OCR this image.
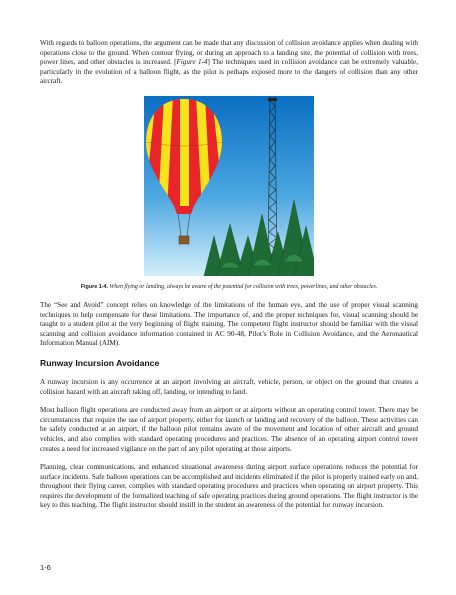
With regards to balloon operations, the argument can be made that any discussion of collision avoidance applies when dealing with operations close to the ground. When contour flying, or during an approach to a landing site, the potential of collision with trees, power lines, and other obstacles is increased. [Figure 1-4] The techniques used in collision avoidance can be extremely valuable, particularly in the evolution of a balloon flight, as the pilot is perhaps exposed more to the dangers of collision than any other aircraft.

Figure 1-4. When flying or landing, always be aware of the potential for collision with trees, powerlines, and other obstacles.

The “See and Avoid” concept relies on knowledge of the limitations of the human eye, and the use of proper visual scanning techniques to help compensate for these limitations. The importance of, and the proper techniques for, visual scanning should be taught to a student pilot at the very beginning of flight training. The competent flight instructor should be familiar with the visual scanning and collision avoidance information contained in AC 90-48, Pilot’s Role in Collision Avoidance, and the Aeronautical Information Manual (AIM).

Runway Incursion Avoidance

A runway incursion is any occurrence at an airport involving an aircraft, vehicle, person, or object on the ground that creates a collision hazard with an aircraft taking off, landing, or intending to land.

Most balloon flight operations are conducted away from an airport or at airports without an operating control tower. There may be circumstances that require the use of airport property, either for launch or landing and recovery of the balloon. These activities can be safely conducted at an airport, if the balloon pilot remains aware of the movement and location of other aircraft and ground vehicles, and also complies with standard operating procedures and practices. The absence of an operating airport control tower creates a need for increased vigilance on the part of any pilot operating at those airports.

Planning, clear communications, and enhanced situational awareness during airport surface operations reduces the potential for surface incidents. Safe balloon operations can be accomplished and incidents eliminated if the pilot is properly trained early on and, throughout their flying career, complies with standard operating procedures and practices when operating on airport property. This requires the development of the formalized teaching of safe operating practices during ground operations. The flight instructor is the key to this teaching. The flight instructor should instill in the student an awareness of the potential for runway incursion.

1-6
